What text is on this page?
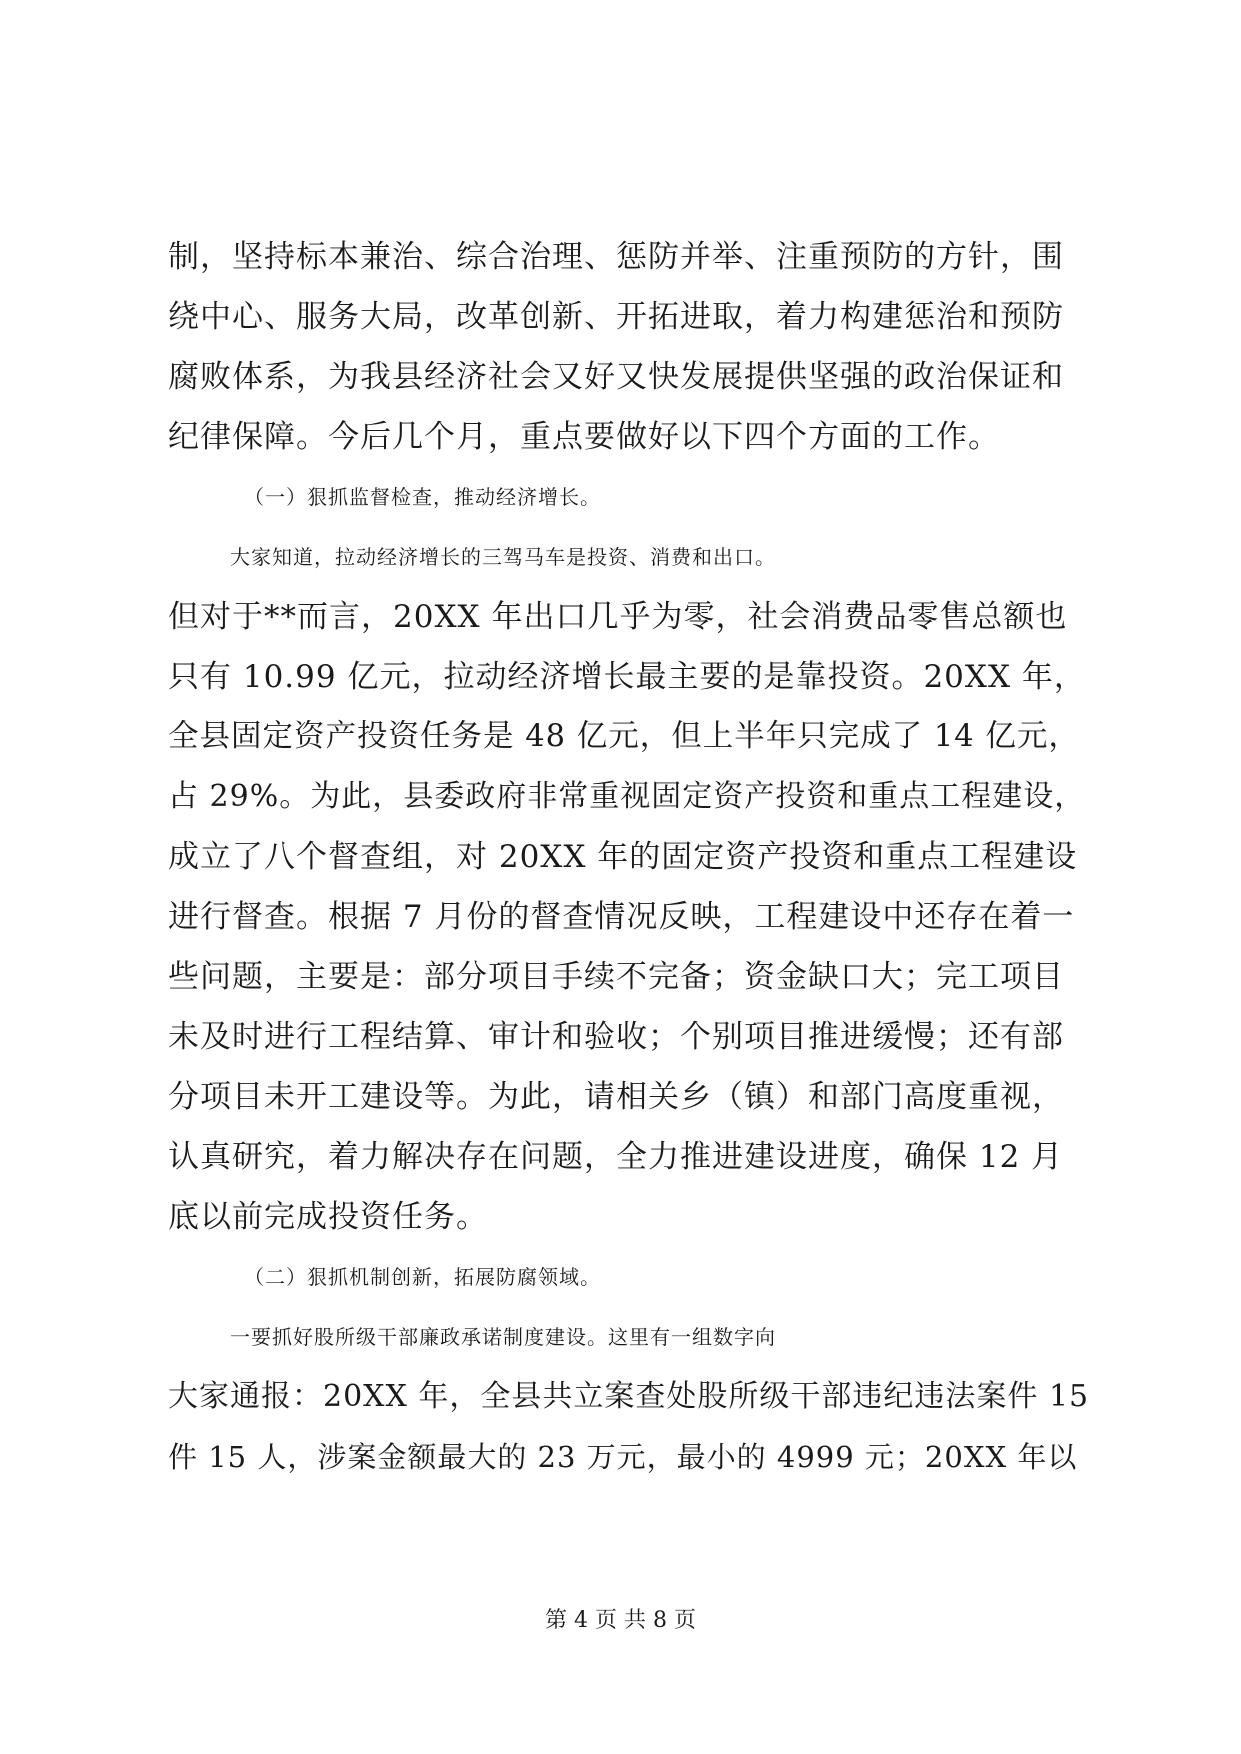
制，坚持标本兼治、综合治理、惩防并举、注重预防的方针，围
绕中心、服务大局，改革创新、开拓进取，着力构建惩治和预防
腐败体系，为我县经济社会又好又快发展提供坚强的政治保证和
纪律保障。今后几个月，重点要做好以下四个方面的工作。
（一）狠抓监督检查，推动经济增长。
大家知道，拉动经济增长的三驾马车是投资、消费和出口。
但对于**而言，20XX 年出口几乎为零，社会消费品零售总额也
只有 10.99 亿元，拉动经济增长最主要的是靠投资。20XX 年，
全县固定资产投资任务是 48 亿元，但上半年只完成了 14 亿元，
占 29%。为此，县委政府非常重视固定资产投资和重点工程建设，
成立了八个督查组，对 20XX 年的固定资产投资和重点工程建设
进行督查。根据 7 月份的督查情况反映，工程建设中还存在着一
些问题，主要是：部分项目手续不完备；资金缺口大；完工项目
未及时进行工程结算、审计和验收；个别项目推进缓慢；还有部
分项目未开工建设等。为此，请相关乡（镇）和部门高度重视，
认真研究，着力解决存在问题，全力推进建设进度，确保 12 月
底以前完成投资任务。
（二）狠抓机制创新，拓展防腐领域。
一要抓好股所级干部廉政承诺制度建设。这里有一组数字向
大家通报：20XX 年，全县共立案查处股所级干部违纪违法案件 15
件 15 人，涉案金额最大的 23 万元，最小的 4999 元；20XX 年以
第 4 页 共 8 页
